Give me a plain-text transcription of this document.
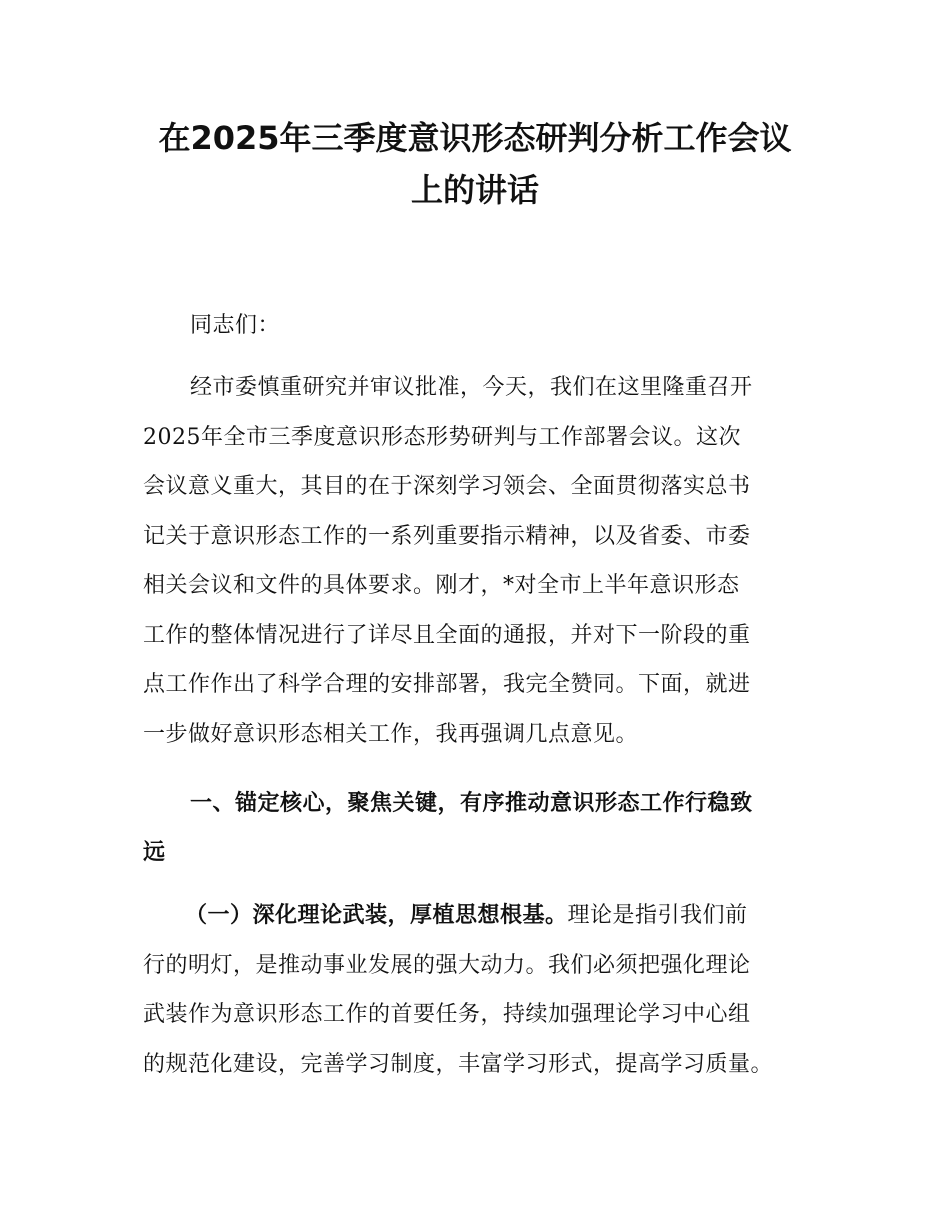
在2025年三季度意识形态研判分析工作会议
上的讲话
同志们：
经市委慎重研究并审议批准，今天，我们在这里隆重召开
2025年全市三季度意识形态形势研判与工作部署会议。这次
会议意义重大，其目的在于深刻学习领会、全面贯彻落实总书
记关于意识形态工作的一系列重要指示精神，以及省委、市委
相关会议和文件的具体要求。刚才，*对全市上半年意识形态
工作的整体情况进行了详尽且全面的通报，并对下一阶段的重
点工作作出了科学合理的安排部署，我完全赞同。下面，就进
一步做好意识形态相关工作，我再强调几点意见。
一、锚定核心，聚焦关键，有序推动意识形态工作行稳致
远
（一）深化理论武装，厚植思想根基。理论是指引我们前
行的明灯，是推动事业发展的强大动力。我们必须把强化理论
武装作为意识形态工作的首要任务，持续加强理论学习中心组
的规范化建设，完善学习制度，丰富学习形式，提高学习质量。
